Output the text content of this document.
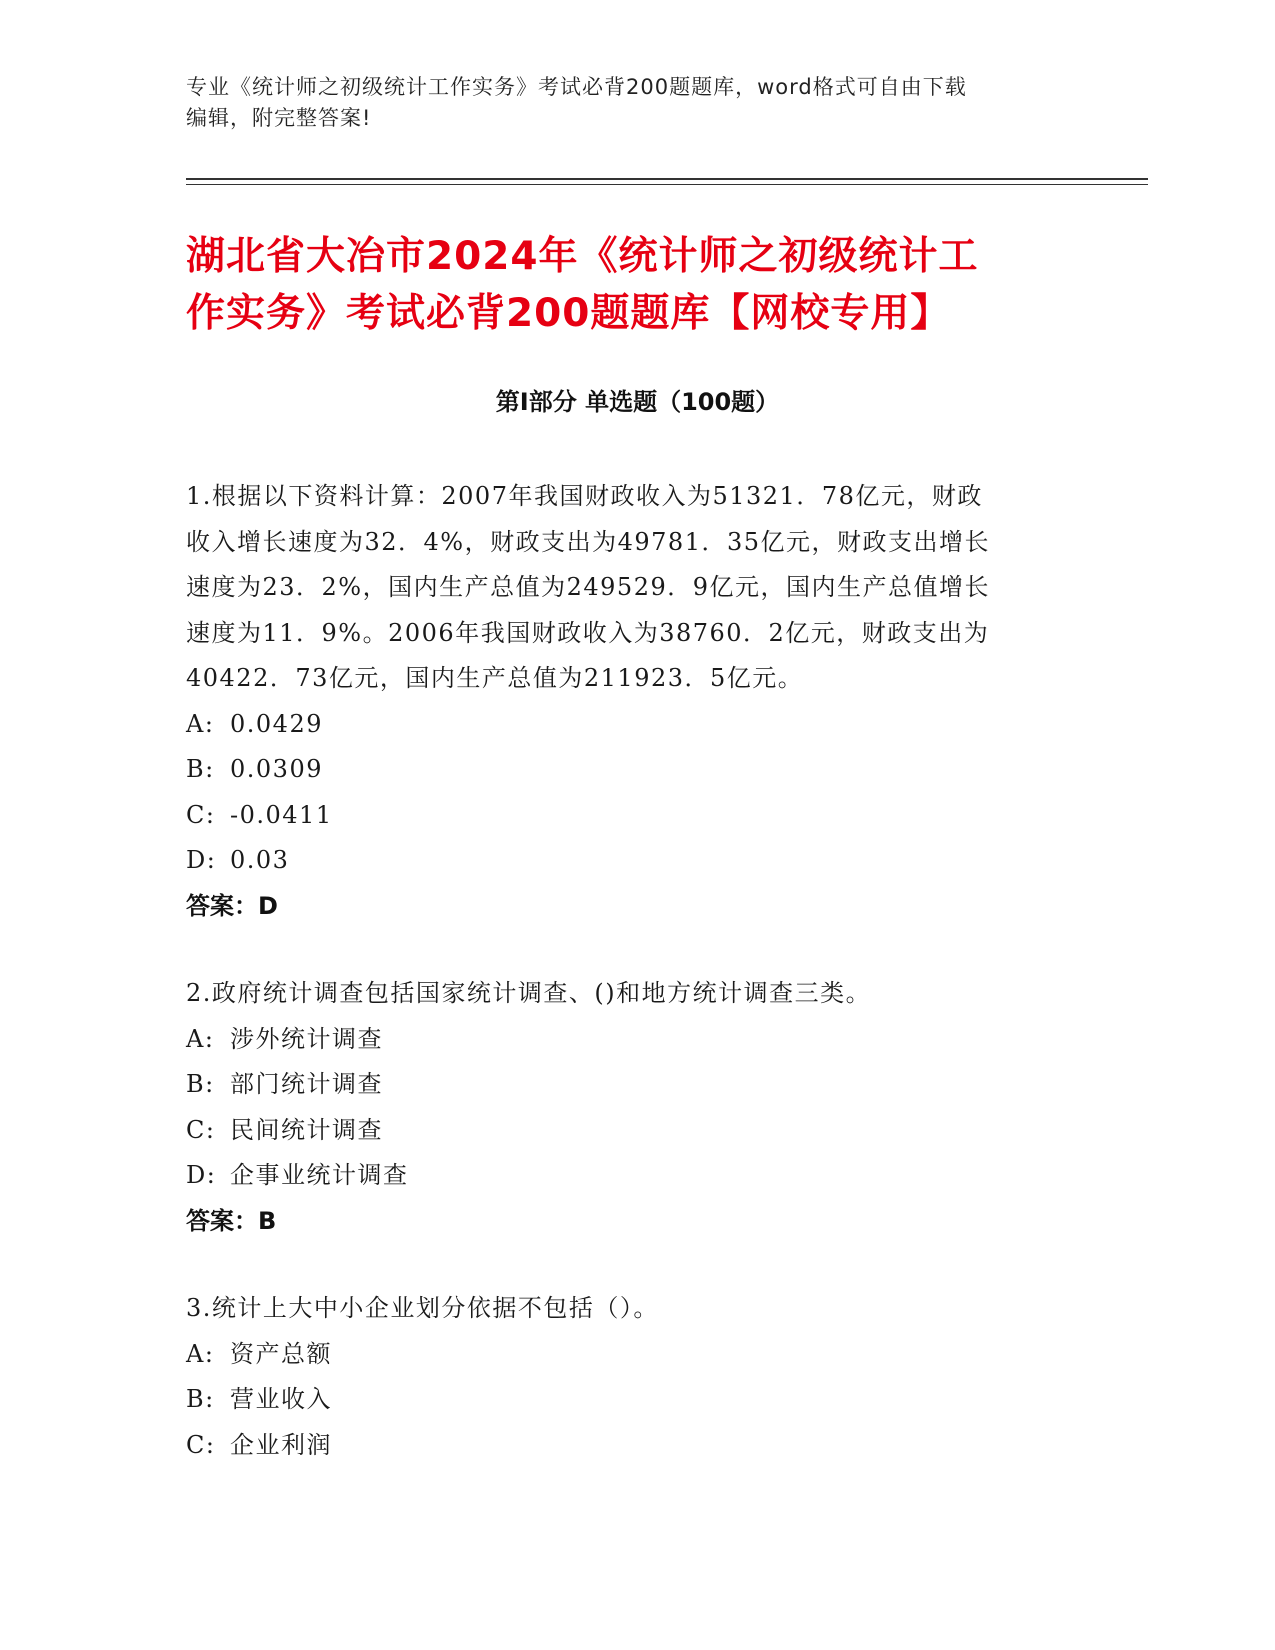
专业《统计师之初级统计工作实务》考试必背200题题库，word格式可自由下载
编辑，附完整答案!
湖北省大冶市2024年《统计师之初级统计工
作实务》考试必背200题题库【网校专用】
第I部分 单选题（100题）

1.根据以下资料计算：2007年我国财政收入为51321．78亿元，财政

收入增长速度为32．4%，财政支出为49781．35亿元，财政支出增长

速度为23．2%，国内生产总值为249529．9亿元，国内生产总值增长

速度为11．9%。2006年我国财政收入为38760．2亿元，财政支出为

40422．73亿元，国内生产总值为211923．5亿元。

A: 0.0429

B: 0.0309

C: -0.0411

D: 0.03

答案：D

2.政府统计调查包括国家统计调查、()和地方统计调查三类。

A: 涉外统计调查

B: 部门统计调查

C: 民间统计调查

D: 企事业统计调查

答案：B

3.统计上大中小企业划分依据不包括（）。

A: 资产总额

B: 营业收入

C: 企业利润
